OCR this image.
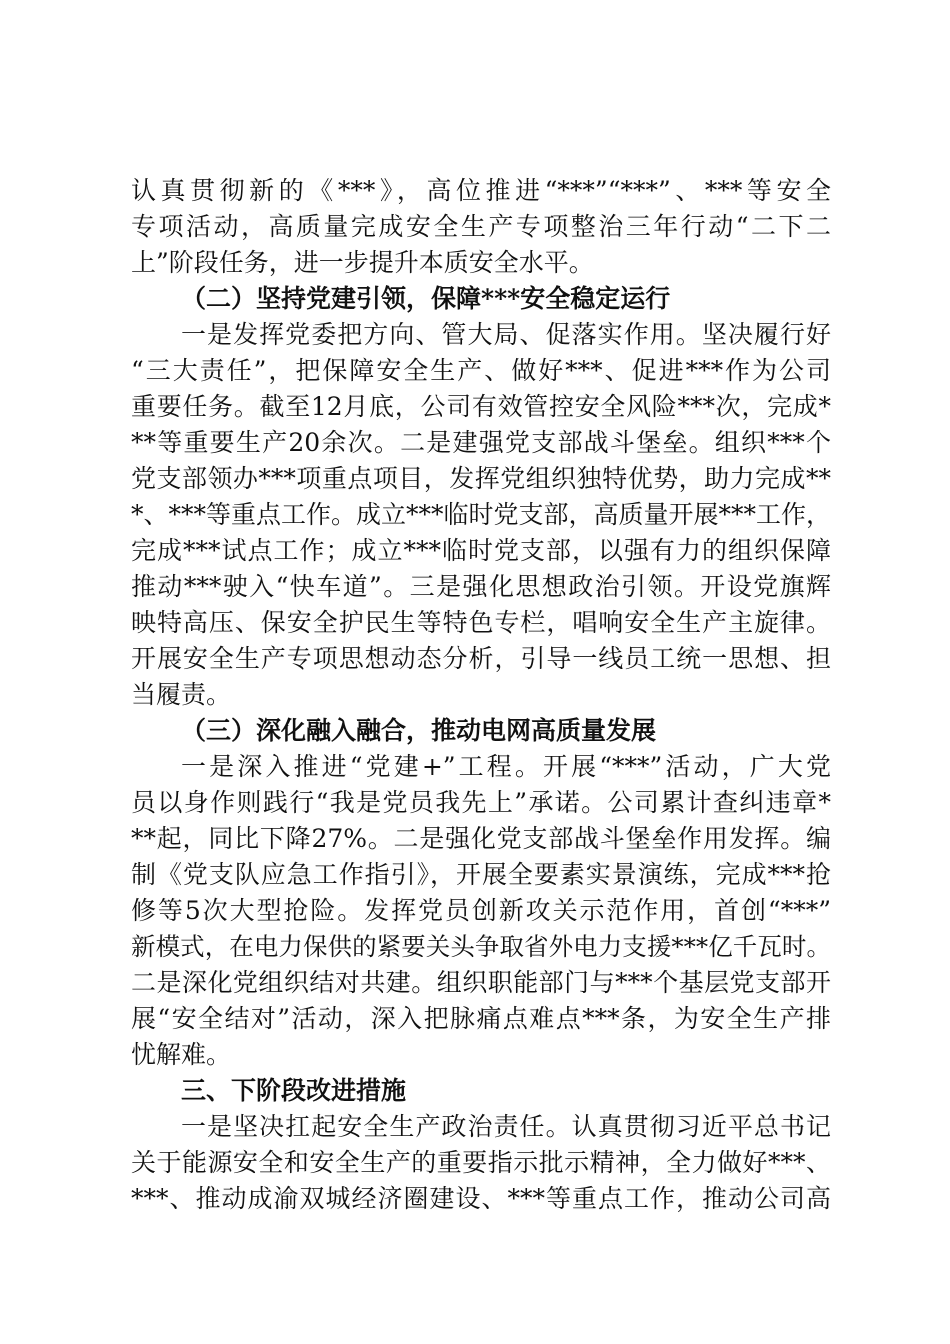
认真贯彻新的《***》，高位推进“***”“***”、***等安全
专项活动，高质量完成安全生产专项整治三年行动“二下二
上”阶段任务，进一步提升本质安全水平。
（二）坚持党建引领，保障***安全稳定运行
一是发挥党委把方向、管大局、促落实作用。坚决履行好
“三大责任”，把保障安全生产、做好***、促进***作为公司
重要任务。截至12月底，公司有效管控安全风险***次，完成*
**等重要生产20余次。二是建强党支部战斗堡垒。组织***个
党支部领办***项重点项目，发挥党组织独特优势，助力完成**
*、***等重点工作。成立***临时党支部，高质量开展***工作，
完成***试点工作；成立***临时党支部，以强有力的组织保障
推动***驶入“快车道”。三是强化思想政治引领。开设党旗辉
映特高压、保安全护民生等特色专栏，唱响安全生产主旋律。
开展安全生产专项思想动态分析，引导一线员工统一思想、担
当履责。
（三）深化融入融合，推动电网高质量发展
一是深入推进“党建+”工程。开展“***”活动，广大党
员以身作则践行“我是党员我先上”承诺。公司累计查纠违章*
**起，同比下降27%。二是强化党支部战斗堡垒作用发挥。编
制《党支队应急工作指引》，开展全要素实景演练，完成***抢
修等5次大型抢险。发挥党员创新攻关示范作用，首创“***”
新模式，在电力保供的紧要关头争取省外电力支援***亿千瓦时。
二是深化党组织结对共建。组织职能部门与***个基层党支部开
展“安全结对”活动，深入把脉痛点难点***条，为安全生产排
忧解难。
三、下阶段改进措施
一是坚决扛起安全生产政治责任。认真贯彻习近平总书记
关于能源安全和安全生产的重要指示批示精神，全力做好***、
***、推动成渝双城经济圈建设、***等重点工作，推动公司高
